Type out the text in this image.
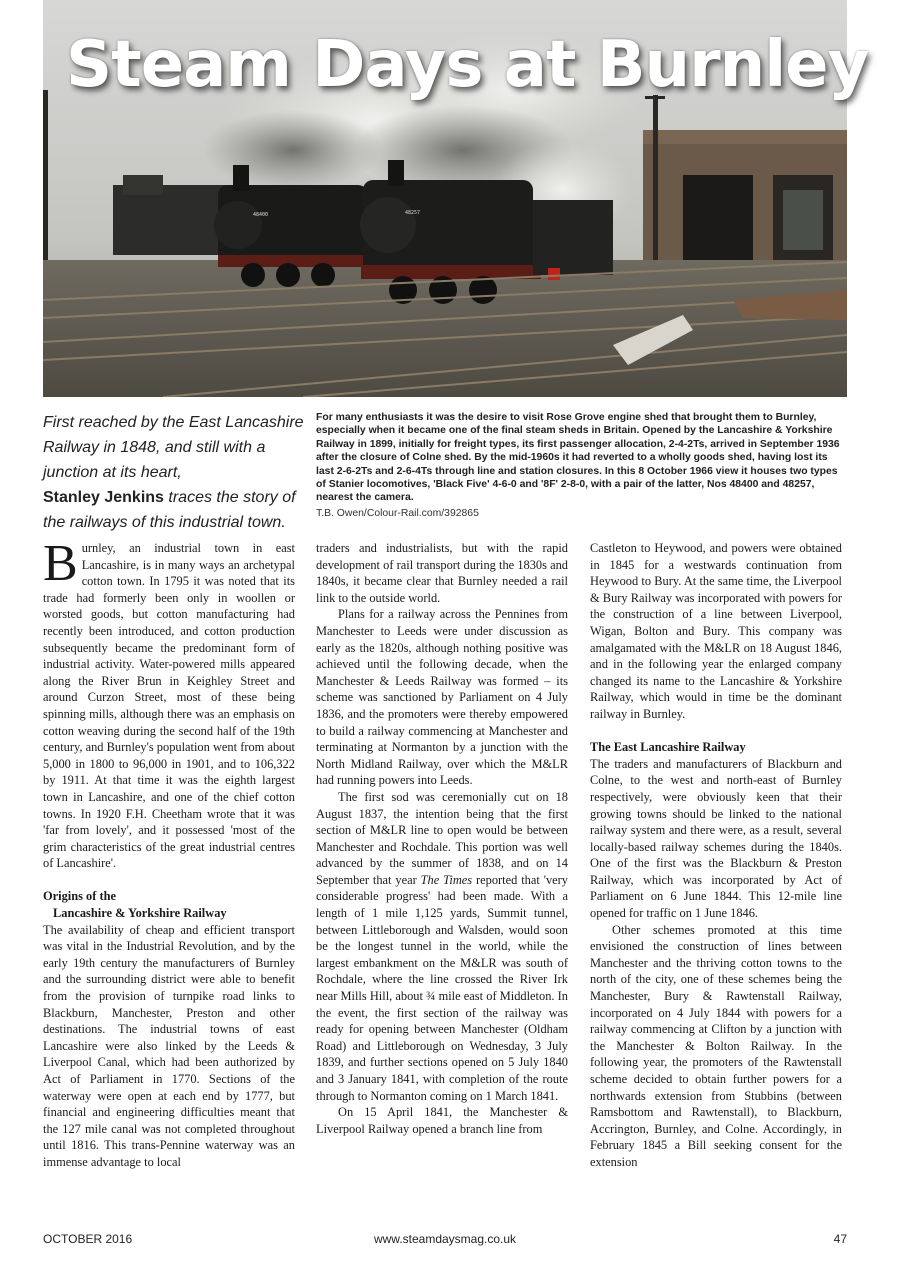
48400	48257
Steam Days at Burnley
First reached by the East Lancashire Railway in 1848, and still with a junction at its heart,
Stanley Jenkins traces the story of the railways of this industrial town.
For many enthusiasts it was the desire to visit Rose Grove engine shed that brought them to Burnley, especially when it became one of the final steam sheds in Britain. Opened by the Lancashire & Yorkshire Railway in 1899, initially for freight types, its first passenger allocation, 2-4-2Ts, arrived in September 1936 after the closure of Colne shed. By the mid-1960s it had reverted to a wholly goods shed, having lost its last 2-6-2Ts and 2-6-4Ts through line and station closures. In this 8 October 1966 view it houses two types of Stanier locomotives, 'Black Five' 4-6-0 and '8F' 2-8-0, with a pair of the latter, Nos 48400 and 48257, nearest the camera.
T.B. Owen/Colour-Rail.com/392865

Burnley, an industrial town in east Lancashire, is in many ways an archetypal cotton town. In 1795 it was noted that its trade had formerly been only in woollen or worsted goods, but cotton manufacturing had recently been introduced, and cotton production subsequently became the predominant form of industrial activity. Water-powered mills appeared along the River Brun in Keighley Street and around Curzon Street, most of these being spinning mills, although there was an emphasis on cotton weaving during the second half of the 19th century, and Burnley's population went from about 5,000 in 1800 to 96,000 in 1901, and to 106,322 by 1911. At that time it was the eighth largest town in Lancashire, and one of the chief cotton towns. In 1920 F.H. Cheetham wrote that it was 'far from lovely', and it possessed 'most of the grim characteristics of the great industrial centres of Lancashire'.

Origins of the
Lancashire & Yorkshire Railway

The availability of cheap and efficient transport was vital in the Industrial Revolution, and by the early 19th century the manufacturers of Burnley and the surrounding district were able to benefit from the provision of turnpike road links to Blackburn, Manchester, Preston and other destinations. The industrial towns of east Lancashire were also linked by the Leeds & Liverpool Canal, which had been authorized by Act of Parliament in 1770. Sections of the waterway were open at each end by 1777, but financial and engineering difficulties meant that the 127 mile canal was not completed throughout until 1816. This trans-Pennine waterway was an immense advantage to local

traders and industrialists, but with the rapid development of rail transport during the 1830s and 1840s, it became clear that Burnley needed a rail link to the outside world.

Plans for a railway across the Pennines from Manchester to Leeds were under discussion as early as the 1820s, although nothing positive was achieved until the following decade, when the Manchester & Leeds Railway was formed – its scheme was sanctioned by Parliament on 4 July 1836, and the promoters were thereby empowered to build a railway commencing at Manchester and terminating at Normanton by a junction with the North Midland Railway, over which the M&LR had running powers into Leeds.

The first sod was ceremonially cut on 18 August 1837, the intention being that the first section of M&LR line to open would be between Manchester and Rochdale. This portion was well advanced by the summer of 1838, and on 14 September that year The Times reported that 'very considerable progress' had been made. With a length of 1 mile 1,125 yards, Summit tunnel, between Littleborough and Walsden, would soon be the longest tunnel in the world, while the largest embankment on the M&LR was south of Rochdale, where the line crossed the River Irk near Mills Hill, about ¾ mile east of Middleton. In the event, the first section of the railway was ready for opening between Manchester (Oldham Road) and Littleborough on Wednesday, 3 July 1839, and further sections opened on 5 July 1840 and 3 January 1841, with completion of the route through to Normanton coming on 1 March 1841.

On 15 April 1841, the Manchester & Liverpool Railway opened a branch line from

Castleton to Heywood, and powers were obtained in 1845 for a westwards continuation from Heywood to Bury. At the same time, the Liverpool & Bury Railway was incorporated with powers for the construction of a line between Liverpool, Wigan, Bolton and Bury. This company was amalgamated with the M&LR on 18 August 1846, and in the following year the enlarged company changed its name to the Lancashire & Yorkshire Railway, which would in time be the dominant railway in Burnley.

The East Lancashire Railway

The traders and manufacturers of Blackburn and Colne, to the west and north-east of Burnley respectively, were obviously keen that their growing towns should be linked to the national railway system and there were, as a result, several locally-based railway schemes during the 1840s. One of the first was the Blackburn & Preston Railway, which was incorporated by Act of Parliament on 6 June 1844. This 12-mile line opened for traffic on 1 June 1846.

Other schemes promoted at this time envisioned the construction of lines between Manchester and the thriving cotton towns to the north of the city, one of these schemes being the Manchester, Bury & Rawtenstall Railway, incorporated on 4 July 1844 with powers for a railway commencing at Clifton by a junction with the Manchester & Bolton Railway. In the following year, the promoters of the Rawtenstall scheme decided to obtain further powers for a northwards extension from Stubbins (between Ramsbottom and Rawtenstall), to Blackburn, Accrington, Burnley, and Colne. Accordingly, in February 1845 a Bill seeking consent for the extension

OCTOBER 2016	www.steamdaysmag.co.uk	47
